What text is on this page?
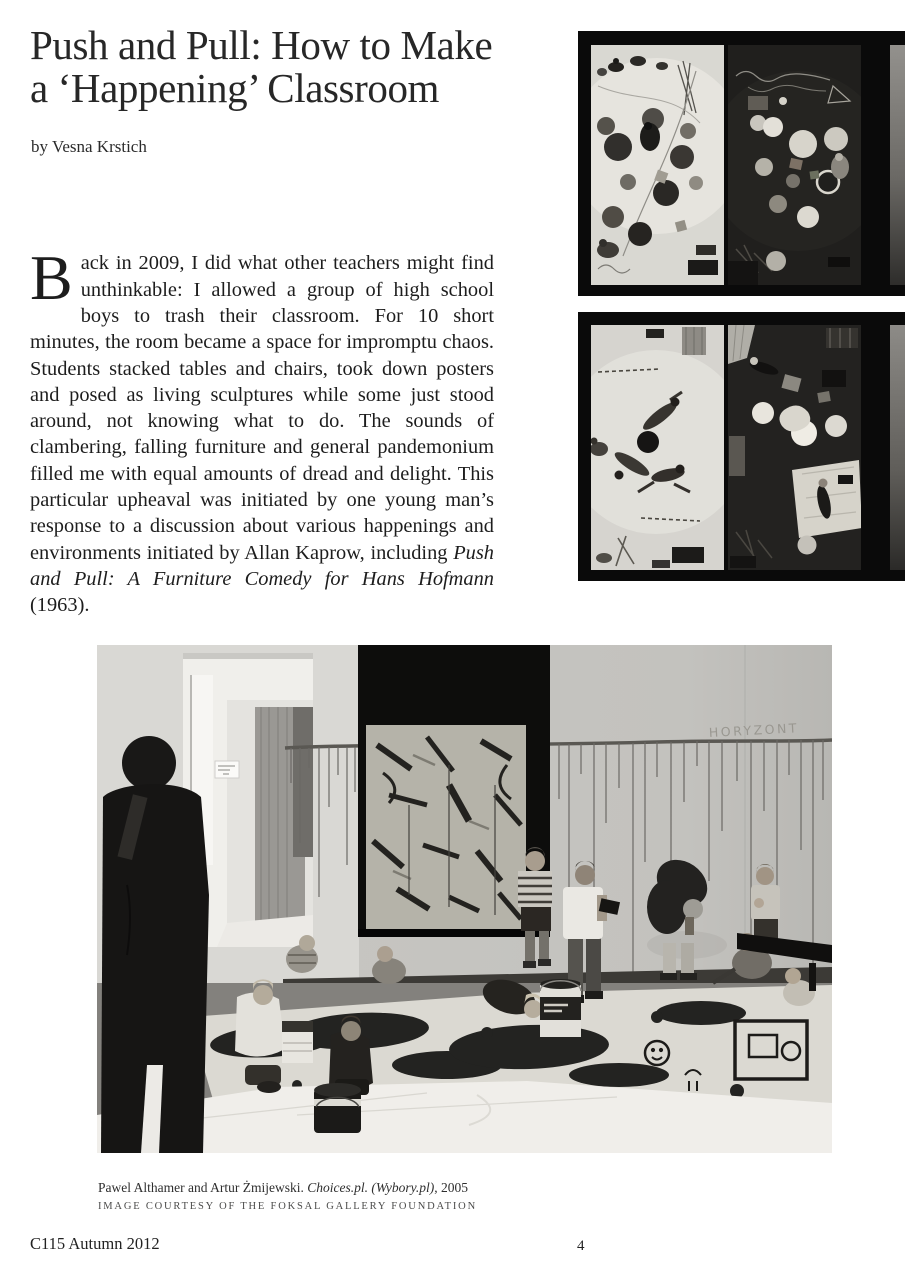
Push and Pull: How to Make
a ‘Happening’ Classroom
by Vesna Krstich

Back in 2009, I did what other teachers might find unthinkable: I allowed a group of high school boys to trash their classroom. For 10 short minutes, the room became a space for impromptu chaos. Students stacked tables and chairs, took down posters and posed as living sculptures while some just stood around, not knowing what to do. The sounds of clambering, falling furniture and general pandemonium filled me with equal amounts of dread and delight. This particular upheaval was initiated by one young man’s response to a discussion about various happenings and environments initiated by Allan Kaprow, including Push and Pull: A Furniture Comedy for Hans Hofmann (1963).

HORYZONT
Pawel Althamer and Artur Żmijewski. Choices.pl. (Wybory.pl), 2005
IMAGE COURTESY OF THE FOKSAL GALLERY FOUNDATION
C115 Autumn 2012	4
